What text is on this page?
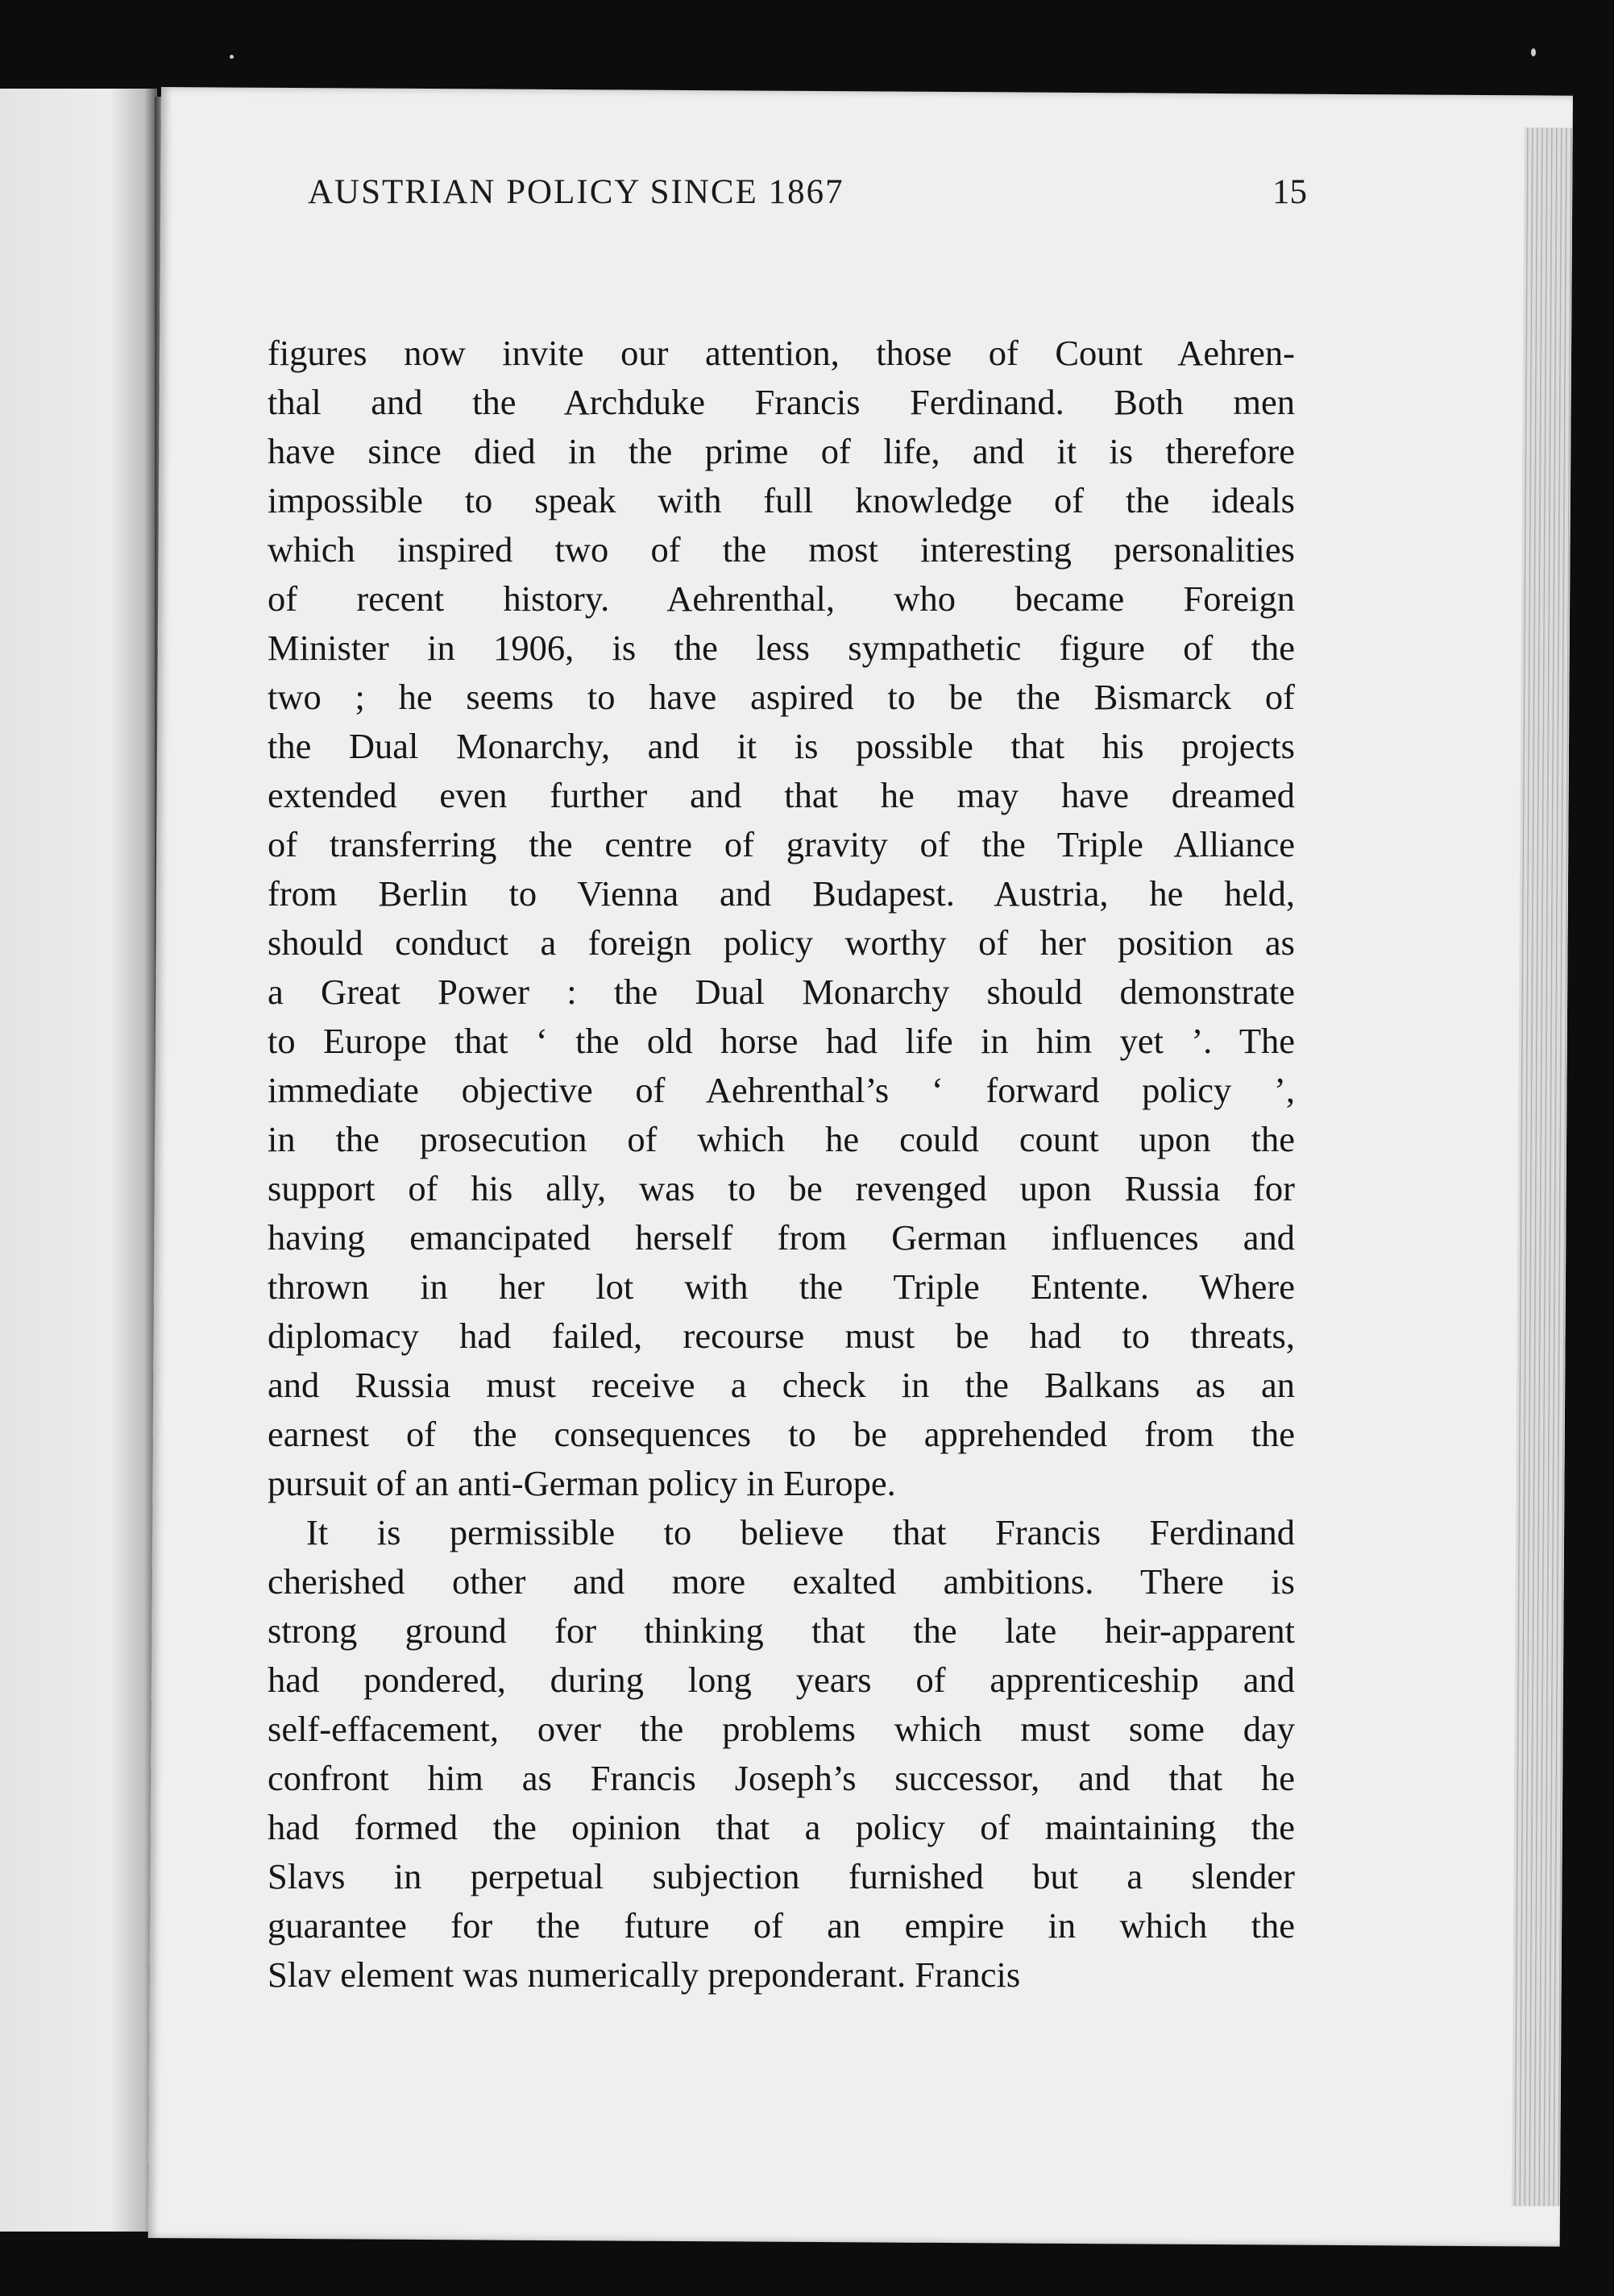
AUSTRIAN POLICY SINCE 1867	15
figures now invite our attention, those of Count Aehren-
thal and the Archduke Francis Ferdinand. Both men
have since died in the prime of life, and it is therefore
impossible to speak with full knowledge of the ideals
which inspired two of the most interesting personalities
of recent history. Aehrenthal, who became Foreign
Minister in 1906, is the less sympathetic figure of the
two ; he seems to have aspired to be the Bismarck of
the Dual Monarchy, and it is possible that his projects
extended even further and that he may have dreamed
of transferring the centre of gravity of the Triple Alliance
from Berlin to Vienna and Budapest. Austria, he held,
should conduct a foreign policy worthy of her position as
a Great Power : the Dual Monarchy should demonstrate
to Europe that ‘ the old horse had life in him yet ’. The
immediate objective of Aehrenthal’s ‘ forward policy ’,
in the prosecution of which he could count upon the
support of his ally, was to be revenged upon Russia for
having emancipated herself from German influences and
thrown in her lot with the Triple Entente. Where
diplomacy had failed, recourse must be had to threats,
and Russia must receive a check in the Balkans as an
earnest of the consequences to be apprehended from the
pursuit of an anti-German policy in Europe.
It is permissible to believe that Francis Ferdinand
cherished other and more exalted ambitions. There is
strong ground for thinking that the late heir-apparent
had pondered, during long years of apprenticeship and
self-effacement, over the problems which must some day
confront him as Francis Joseph’s successor, and that he
had formed the opinion that a policy of maintaining the
Slavs in perpetual subjection furnished but a slender
guarantee for the future of an empire in which the
Slav element was numerically preponderant. Francis
